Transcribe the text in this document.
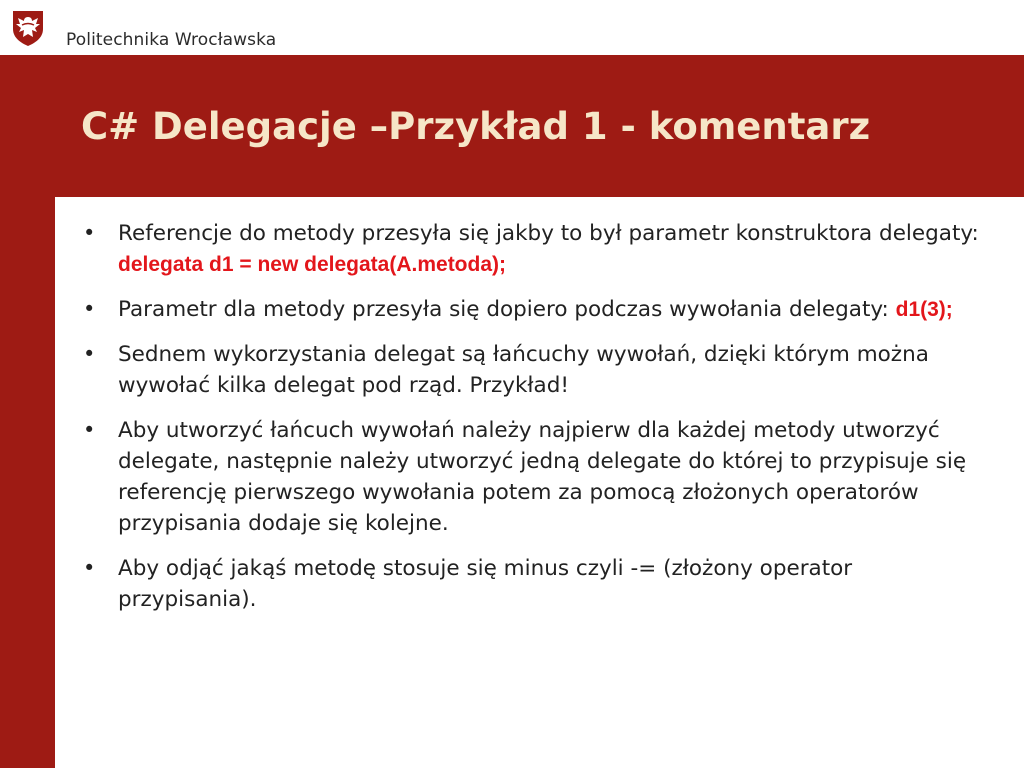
Politechnika Wrocławska
C# Delegacje –Przykład 1 - komentarz
• Referencje do metody przesyła się jakby to był parametr konstruktora delegaty:
delegata d1 = new delegata(A.metoda);
• Parametr dla metody przesyła się dopiero podczas wywołania delegaty: d1(3);
• Sednem wykorzystania delegat są łańcuchy wywołań, dzięki którym można wywołać kilka delegat pod rząd. Przykład!
• Aby utworzyć łańcuch wywołań należy najpierw dla każdej metody utworzyć delegate, następnie należy utworzyć jedną delegate do której to przypisuje się referencję pierwszego wywołania potem za pomocą złożonych operatorów przypisania dodaje się kolejne.
• Aby odjąć jakąś metodę stosuje się minus czyli -= (złożony operator przypisania).
